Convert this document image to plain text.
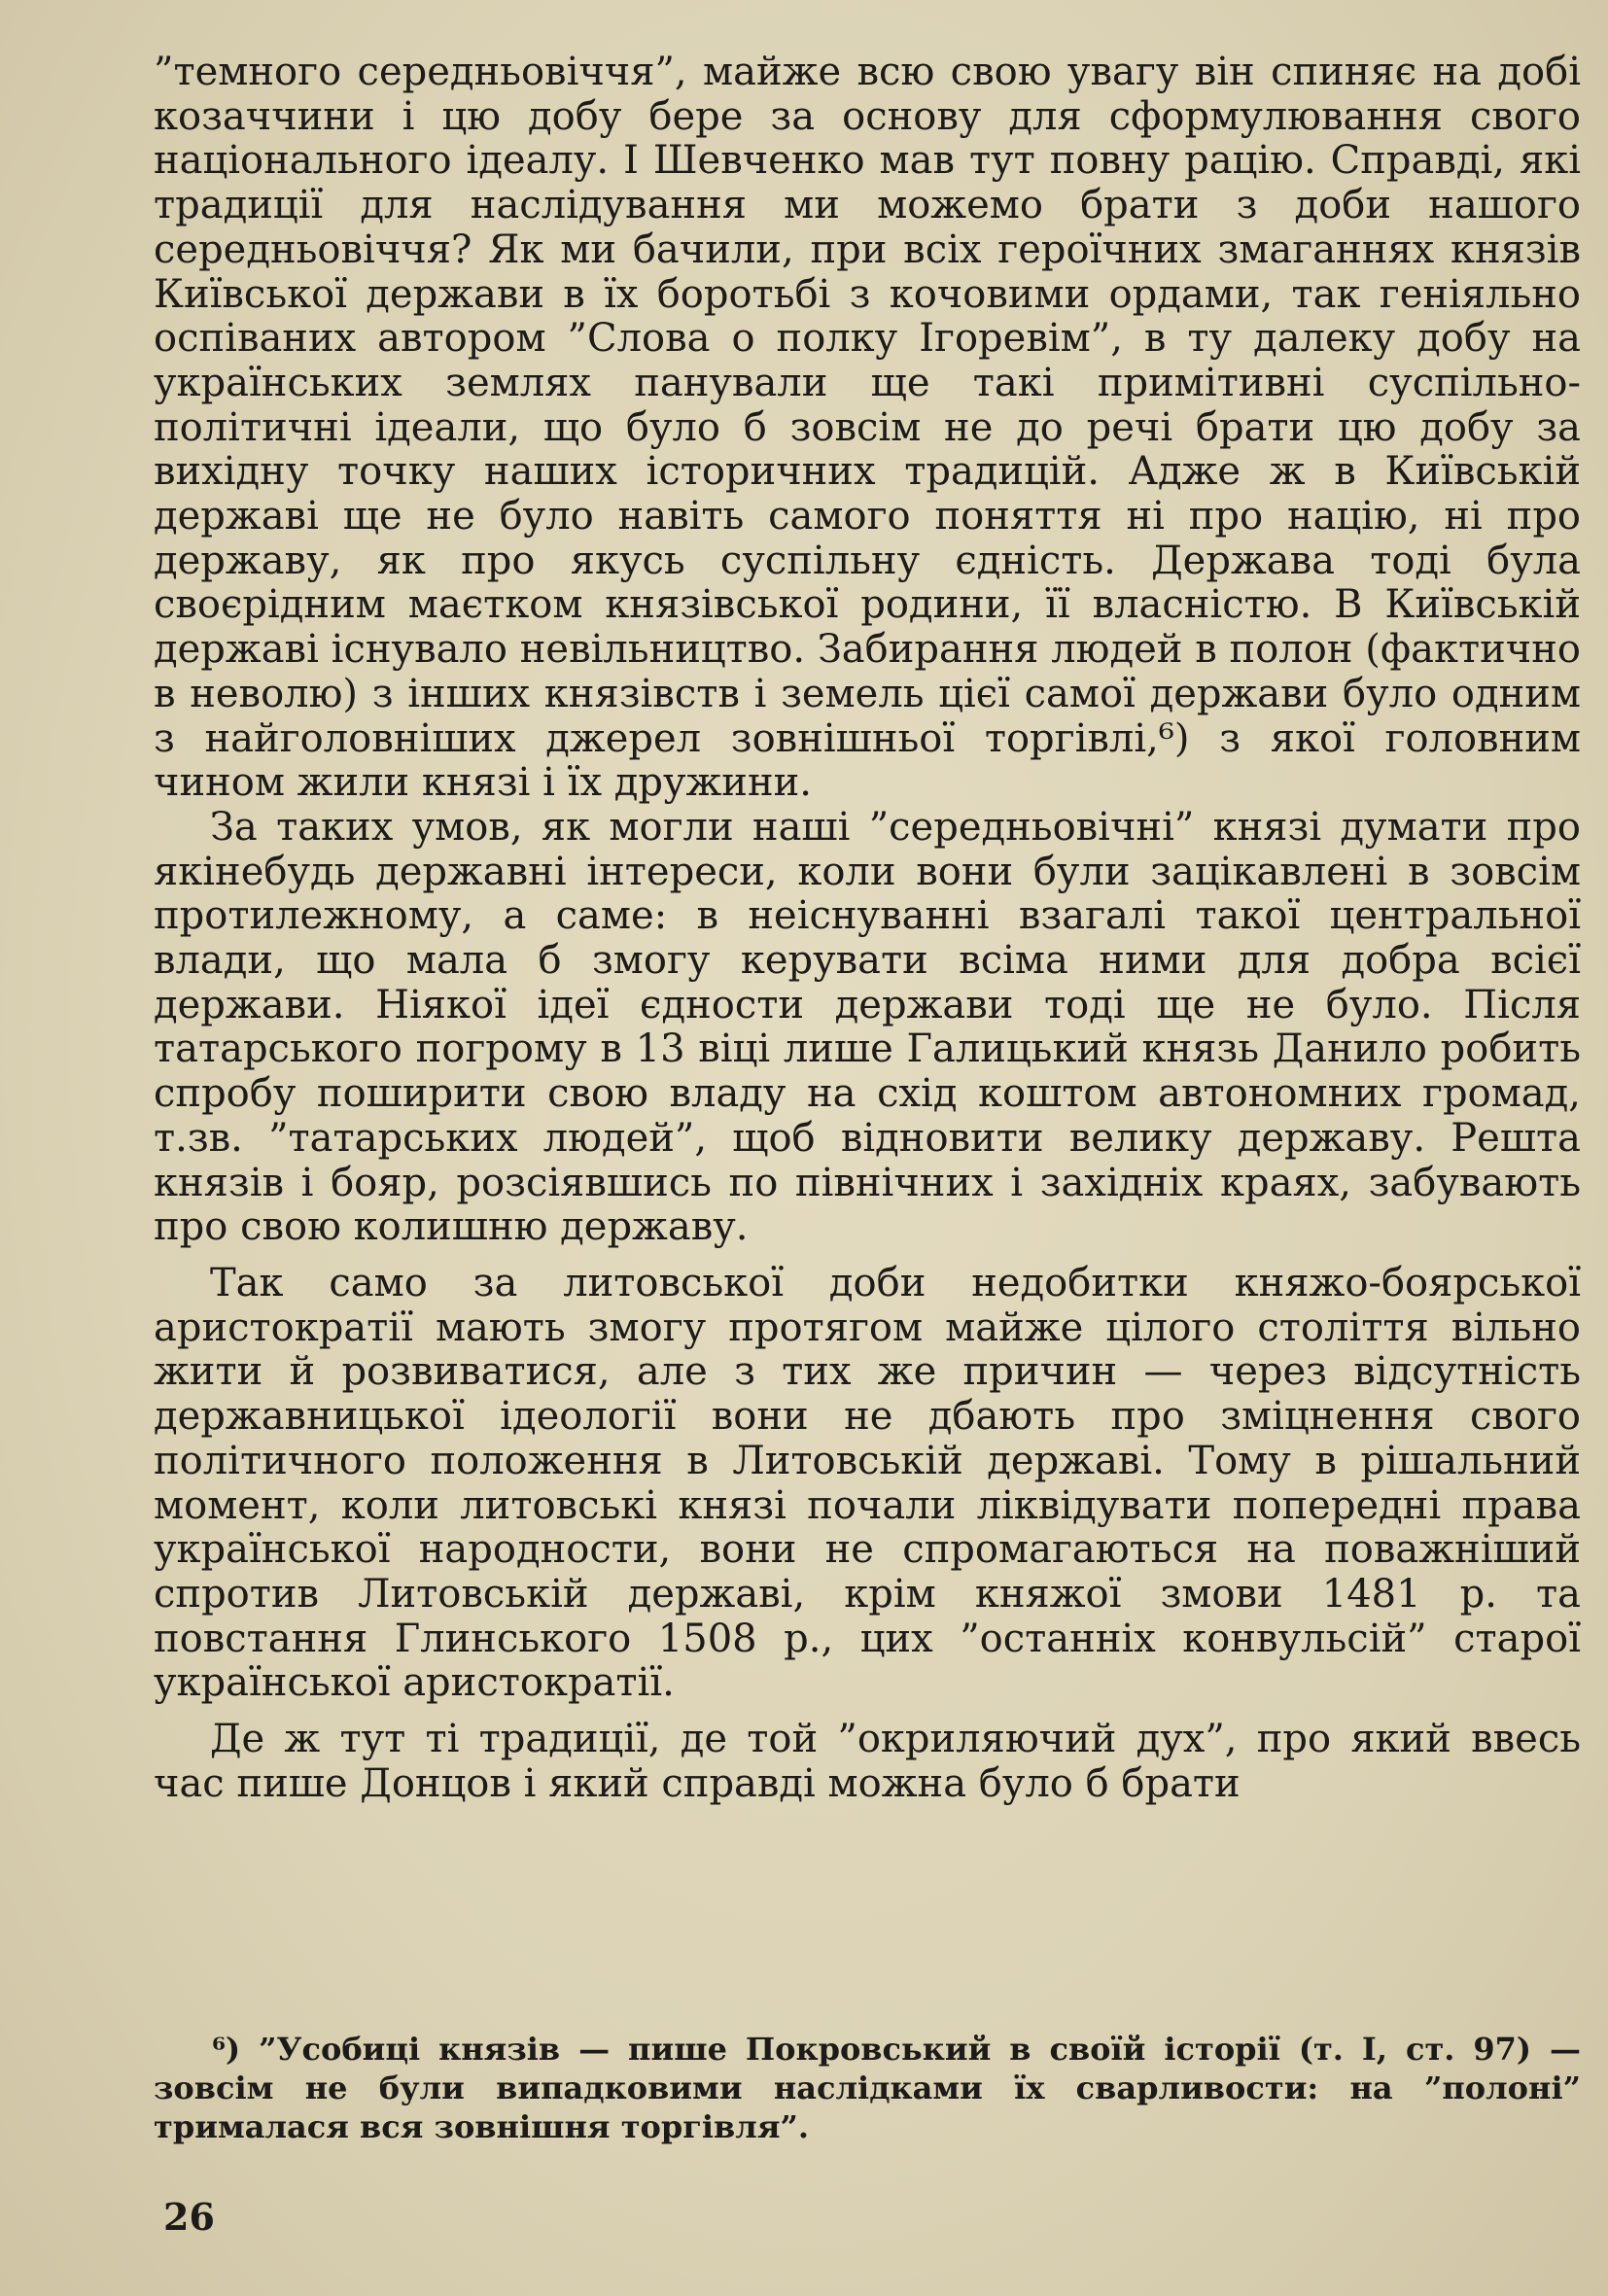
”темного середньовіччя”, майже всю свою увагу він спиняє на добі козаччини і цю добу бере за основу для сформулювання свого національного ідеалу. І Шевченко мав тут повну рацію. Справді, які традиції для наслідування ми можемо брати з доби нашого середньовіччя? Як ми бачили, при всіх героїчних змаганнях князів Київської держави в їх боротьбі з кочовими ордами, так геніяльно оспіваних автором ”Слова о полку Ігоревім”, в ту далеку добу на українських землях панували ще такі примітивні суспільно-політичні ідеали, що було б зовсім не до речі брати цю добу за вихідну точку наших історичних традицій. Адже ж в Київській державі ще не було навіть самого поняття ні про націю, ні про державу, як про якусь суспільну єдність. Держава тоді була своєрідним маєтком князівської родини, її власністю. В Київській державі існувало невільництво. Забирання людей в полон (фактично в неволю) з інших князівств і земель цієї самої держави було одним з найголовніших джерел зовнішньої торгівлі,⁶) з якої головним чином жили князі і їх дружини.

За таких умов, як могли наші ”середньовічні” князі думати про якінебудь державні інтереси, коли вони були зацікавлені в зовсім протилежному, а саме: в неіснуванні взагалі такої центральної влади, що мала б змогу керувати всіма ними для добра всієї держави. Ніякої ідеї єдности держави тоді ще не було. Після татарського погрому в 13 віці лише Галицький князь Данило робить спробу поширити свою владу на схід коштом автономних громад, т.зв. ”татарських людей”, щоб відновити велику державу. Решта князів і бояр, розсіявшись по північних і західніх краях, забувають про свою колишню державу.

Так само за литовської доби недобитки княжо-боярської аристократії мають змогу протягом майже цілого століття вільно жити й розвиватися, але з тих же причин — через відсутність державницької ідеології вони не дбають про зміцнення свого політичного положення в Литовській державі. Тому в рішальний момент, коли литовські князі почали ліквідувати попередні права української народности, вони не спромагаються на поважніший спротив Литовській державі, крім княжої змови 1481 р. та повстання Глинського 1508 р., цих ”останніх конвульсій” старої української аристократії.

Де ж тут ті традиції, де той ”окриляючий дух”, про який ввесь час пише Донцов і який справді можна було б брати

⁶) ”Усобиці князів — пише Покровський в своїй історії (т. I, ст. 97) — зовсім не були випадковими наслідками їх сварливости: на ”полоні” трималася вся зовнішня торгівля”.

26
